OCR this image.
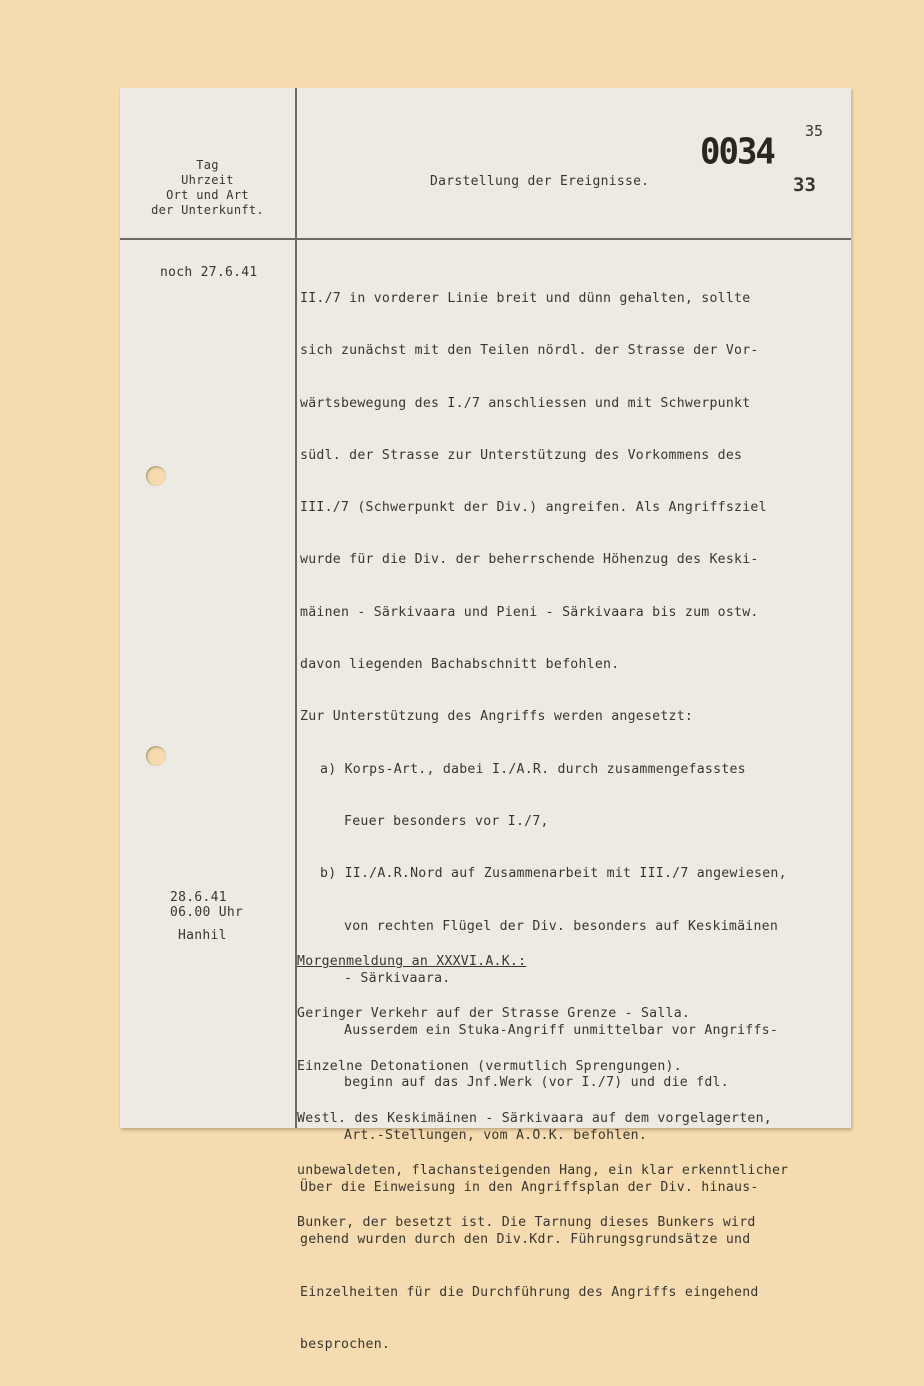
Tag
Uhrzeit
Ort und Art
der Unterkunft.
Darstellung der Ereignisse.
0034 35
33
noch 27.6.41

II./7 in vorderer Linie breit und dünn gehalten, sollte

sich zunächst mit den Teilen nördl. der Strasse der Vor-

wärtsbewegung des I./7 anschliessen und mit Schwerpunkt

südl. der Strasse zur Unterstützung des Vorkommens des

III./7 (Schwerpunkt der Div.) angreifen. Als Angriffsziel

wurde für die Div. der beherrschende Höhenzug des Keski-

mäinen - Särkivaara und Pieni - Särkivaara bis zum ostw.

davon liegenden Bachabschnitt befohlen.

Zur Unterstützung des Angriffs werden angesetzt:

a) Korps-Art., dabei I./A.R. durch zusammengefasstes

Feuer besonders vor I./7,

b) II./A.R.Nord auf Zusammenarbeit mit III./7 angewiesen,

von rechten Flügel der Div. besonders auf Keskimäinen

- Särkivaara.

Ausserdem ein Stuka-Angriff unmittelbar vor Angriffs-

beginn auf das Jnf.Werk (vor I./7) und die fdl.

Art.-Stellungen, vom A.O.K. befohlen.

Über die Einweisung in den Angriffsplan der Div. hinaus-

gehend wurden durch den Div.Kdr. Führungsgrundsätze und

Einzelheiten für die Durchführung des Angriffs eingehend

besprochen.

28.6.41
06.00 Uhr
Hanhil

Morgenmeldung an XXXVI.A.K.:

Geringer Verkehr auf der Strasse Grenze - Salla.

Einzelne Detonationen (vermutlich Sprengungen).

Westl. des Keskimäinen - Särkivaara auf dem vorgelagerten,

unbewaldeten, flachansteigenden Hang, ein klar erkenntlicher

Bunker, der besetzt ist. Die Tarnung dieses Bunkers wird
